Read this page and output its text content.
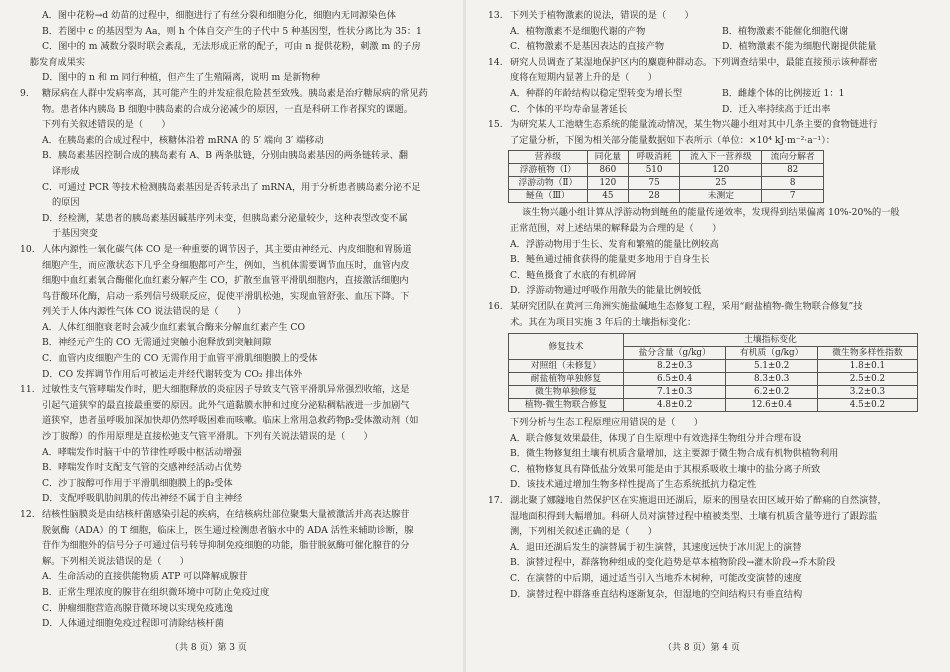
A．图中花粉→d 幼苗的过程中，细胞进行了有丝分裂和细胞分化，细胞内无同源染色体

B．若图中 c 的基因型为 Aa，则 h 个体自交产生的子代中 5 种基因型，性状分离比为 35：1

C．图中的 m 减数分裂时联会紊乱，无法形成正常的配子，可由 n 提供花粉，刺激 m 的子房

膨发育成果实

D．图中的 n 和 m 同行种植，但产生了生殖隔离，说明 m 是新物种

9. 糖尿病在人群中发病率高，其可能产生的并发症很危险甚至致残。胰岛素是治疗糖尿病的常见药

物。患者体内胰岛 B 细胞中胰岛素的合成分泌减少的原因，一直是科研工作者探究的课题。

下列有关叙述错误的是（　　）

A．在胰岛素的合成过程中，核糖体沿着 mRNA 的 5′ 端向 3′ 端移动

B．胰岛素基因控制合成的胰岛素有 A、B 两条肽链，分别由胰岛素基因的两条链转录、翻

译形成

C．可通过 PCR 等技术检测胰岛素基因是否转录出了 mRNA，用于分析患者胰岛素分泌不足

的原因

D．经检测，某患者的胰岛素基因碱基序列未变，但胰岛素分泌量较少，这种表型改变不属

于基因突变

10. 人体内源性一氧化碳气体 CO 是一种重要的调节因子，其主要由神经元、内皮细胞和胃肠道

细胞产生，而应激状态下几乎全身细胞都可产生，例如，当机体需要调节血压时，血管内皮

细胞中血红素氧合酶催化血红素分解产生 CO，扩散至血管平滑肌细胞内，直接激活细胞内

鸟苷酸环化酶，启动一系列信号级联反应，促使平滑肌松弛，实现血管舒张、血压下降。下

列关于人体内源性气体 CO 说法错误的是（　　）

A．人体红细胞衰老时会减少血红素氧合酶来分解血红素产生 CO

B．神经元产生的 CO 无需通过突触小泡释放到突触间隙

C．血管内皮细胞产生的 CO 无需作用于血管平滑肌细胞膜上的受体

D．CO 发挥调节作用后可被运走并经代谢转变为 CO₂ 排出体外

11. 过敏性支气管哮喘发作时，肥大细胞释放的炎症因子导致支气管平滑肌异常强烈收缩，这是

引起气道狭窄的最直接最重要的原因。此外气道黏膜水肿和过度分泌粘稠粘液进一步加剧气

道狭窄，患者虽呼吸加深加快却仍然呼吸困难而咳嗽。临床上常用急救药物β₂受体激动剂（如

沙丁胺醇）的作用原理是直接松弛支气管平滑肌。下列有关说法错误的是（　　）

A．哮喘发作时脑干中的节律性呼吸中枢活动增强

B．哮喘发作时支配支气管的交感神经活动占优势

C．沙丁胺醇可作用于平滑肌细胞膜上的β₂受体

D．支配呼吸肌肋间肌的传出神经不属于自主神经

12. 结核性脑膜炎是由结核杆菌感染引起的疾病，在结核病灶部位聚集大量被激活并高表达腺苷

脱氨酶（ADA）的 T 细胞，临床上，医生通过检测患者脑水中的 ADA 活性来辅助诊断，腺

苷作为细胞外的信号分子可通过信号转导抑制免疫细胞的功能，脂苷脱氨酶可催化腺苷的分

解。下列相关说法错误的是（　　）

A．生命活动的直接供能物质 ATP 可以降解成腺苷

B．正常生理浓度的腺苷在组织微环境中可防止免疫过度

C．肿瘤细胞营造高腺苷微环境以实现免疫逃逸

D．人体通过细胞免疫过程即可清除结核杆菌

13. 下列关于植物激素的说法，错误的是（　　）

A．植物激素不是细胞代谢的产物	B．植物激素不能催化细胞代谢

C．植物激素不是基因表达的直接产物	D．植物激素不能为细胞代谢提供能量

14. 研究人员调查了某湿地保护区内的麋鹿种群动态。下列调查结果中，最能直接预示该种群密

度将在短期内显著上升的是（　　）

A．种群的年龄结构以稳定型转变为增长型	B．雌雄个体的比例接近 1：1

C．个体的平均寿命显著延长	D．迁入率持续高于迁出率

15. 为研究某人工池塘生态系统的能量流动情况，某生物兴趣小组对其中几条主要的食物链进行

了定量分析，下图为相关部分能量数据如下表所示（单位：×10⁴ kJ·m⁻²·a⁻¹）：

营养级	同化量	呼吸消耗	流入下一营养级	流向分解者
浮游植物（Ⅰ）	860	510	120	82
浮游动物（Ⅱ）	120	75	25	8
鲢鱼（Ⅲ）	45	28	未测定	7

该生物兴趣小组计算从浮游动物到鲢鱼的能量传递效率，发现得到结果偏离 10%-20%的一般

正常范围，对上述结果的解释最为合理的是（　　）

A．浮游动物用于生长、发育和繁殖的能量比例较高

B．鲢鱼通过捕食获得的能量更多地用于自身生长

C．鲢鱼摄食了水底的有机碎屑

D．浮游动物通过呼吸作用散失的能量比例较低

16. 某研究团队在黄河三角洲实施盐碱地生态修复工程，采用“耐盐植物-微生物联合修复”技

术。其在为项目实施 3 年后的土壤指标变化：

修复技术	土壤指标变化		
	盐分含量（g/kg）	有机质（g/kg）	微生物多样性指数
对照组（未修复）	8.2±0.3	5.1±0.2	1.8±0.1
耐盐植物单独修复	6.5±0.4	8.3±0.3	2.5±0.2
微生物单独修复	7.1±0.3	6.2±0.2	3.2±0.3
植物-微生物联合修复	4.8±0.2	12.6±0.4	4.5±0.2

下列分析与生态工程原理应用错误的是（　　）

A．联合修复效果最佳，体现了自生原理中有效选择生物组分并合理布设

B．微生物修复组土壤有机质含量增加，这主要源于微生物合成有机物供植物利用

C．植物修复具有降低盐分效果可能是由于其根系吸收土壤中的盐分离子所致

D．该技术通过增加生物多样性提高了生态系统抵抗力稳定性

17. 湖北聚了娜隧地自然保护区在实施退田还湖后，原来的围垦农田区域开始了醉痛的自然演替，

湿地面积得到大幅增加。科研人员对演替过程中植被类型、土壤有机质含量等进行了跟踪监

测，下列相关叙述正确的是（　　）

A．退田还湖后发生的演替属于初生演替，其速度远快于冰川泥上的演替

B．演替过程中，群落物种组成的变化趋势是草本植物阶段→灌木阶段→乔木阶段

C．在演替的中后期，通过适当引入当地乔木树种，可能改变演替的速度

D．演替过程中群落垂直结构逐渐复杂，但湿地的空间结构只有垂直结构

（共 8 页）第 3 页	（共 8 页）第 4 页
